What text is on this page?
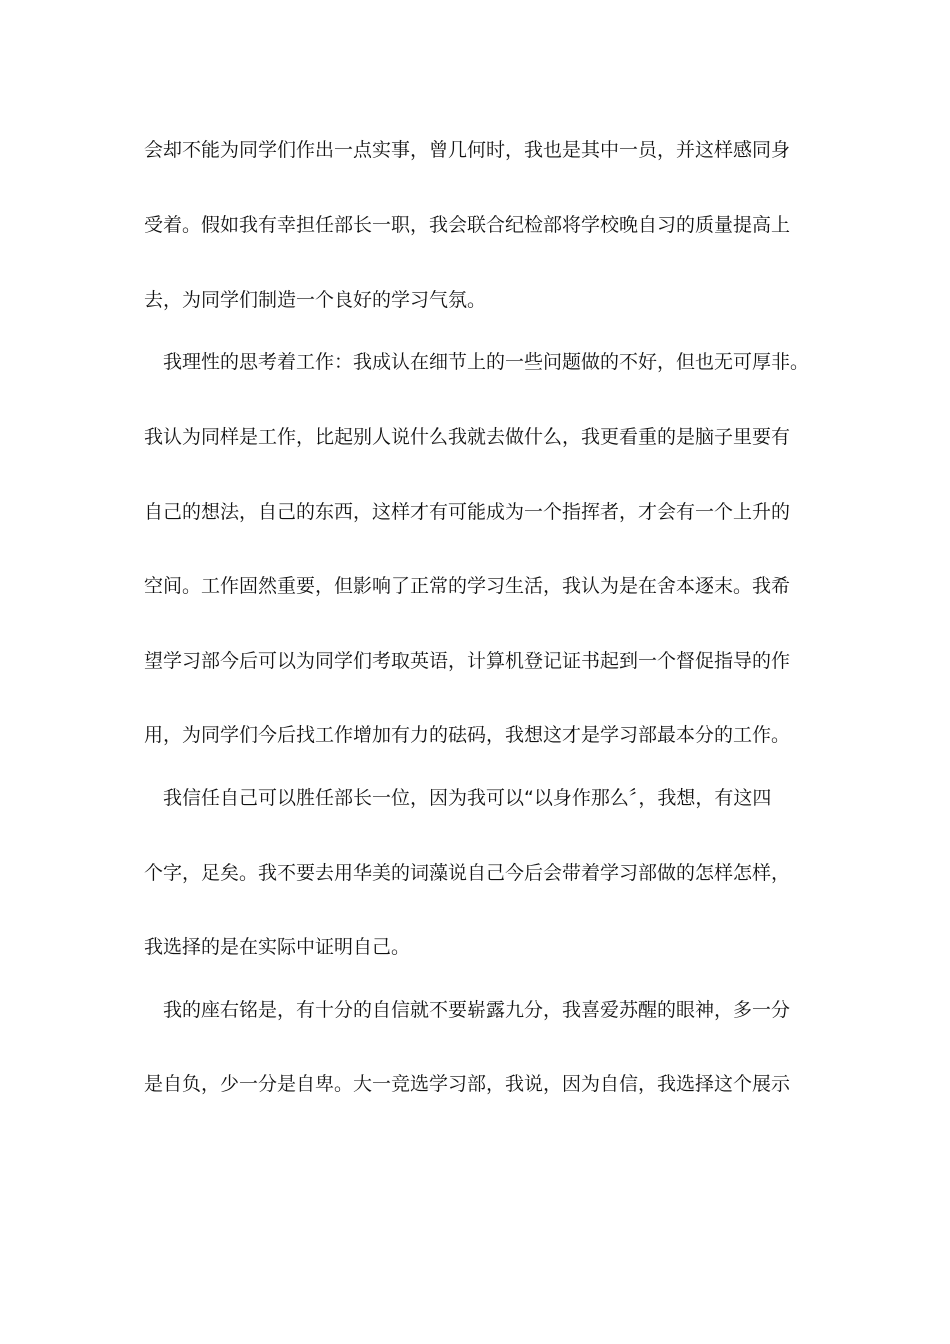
会却不能为同学们作出一点实事，曾几何时，我也是其中一员，并这样感同身
受着。假如我有幸担任部长一职，我会联合纪检部将学校晚自习的质量提高上
去，为同学们制造一个良好的学习气氛。
我理性的思考着工作：我成认在细节上的一些问题做的不好，但也无可厚非。
我认为同样是工作，比起别人说什么我就去做什么，我更看重的是脑子里要有
自己的想法，自己的东西，这样才有可能成为一个指挥者，才会有一个上升的
空间。工作固然重要，但影响了正常的学习生活，我认为是在舍本逐末。我希
望学习部今后可以为同学们考取英语，计算机登记证书起到一个督促指导的作
用，为同学们今后找工作增加有力的砝码，我想这才是学习部最本分的工作。
我信任自己可以胜任部长一位，因为我可以“以身作那么〞，我想，有这四
个字，足矣。我不要去用华美的词藻说自己今后会带着学习部做的怎样怎样，
我选择的是在实际中证明自己。
我的座右铭是，有十分的自信就不要崭露九分，我喜爱苏醒的眼神，多一分
是自负，少一分是自卑。大一竞选学习部，我说，因为自信，我选择这个展示
